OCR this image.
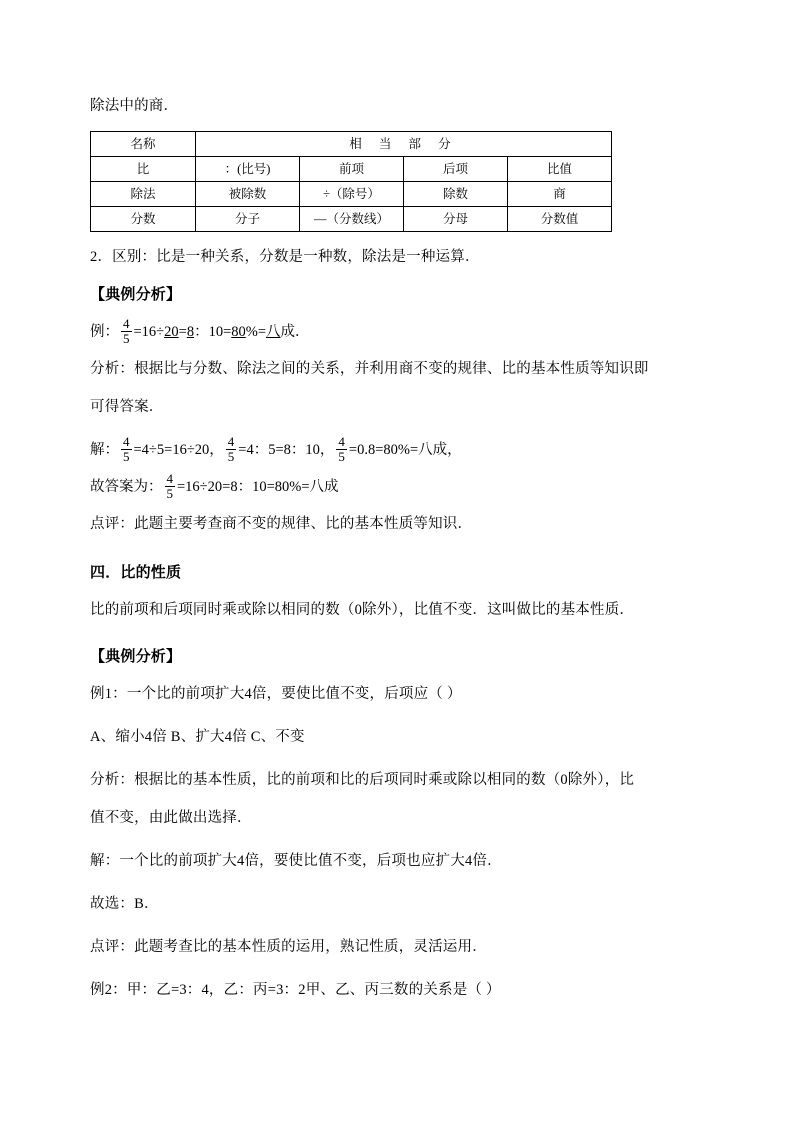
除法中的商．

名称	相 当 部 分			
比	：(比号)	前项	后项	比值
除法	被除数	÷（除号）	除数	商
分数	分子	—（分数线）	分母	分数值

2．区别：比是一种关系，分数是一种数，除法是一种运算．

【典例分析】

例： $\frac{4}{5} =16\div 20=8$：10=80%=八成．

分析：根据比与分数、除法之间的关系，并利用商不变的规律、比的基本性质等知识即

可得答案．

解： $\frac{4}{5} =4\div 5=16\div 20$， $\frac{4}{5} =4$：5=8：10， $\frac{4}{5} =0.8=80\%=$八成，

故答案为： $\frac{4}{5} =16\div 20=8$：10=80%=八成

点评：此题主要考查商不变的规律、比的基本性质等知识．

四．比的性质

比的前项和后项同时乘或除以相同的数（0除外），比值不变．这叫做比的基本性质．

【典例分析】

例1：一个比的前项扩大4倍，要使比值不变，后项应（ ）

A、缩小4倍 B、扩大4倍 C、不变

分析：根据比的基本性质，比的前项和比的后项同时乘或除以相同的数（0除外），比

值不变，由此做出选择．

解：一个比的前项扩大4倍，要使比值不变，后项也应扩大4倍．

故选：B．

点评：此题考查比的基本性质的运用，熟记性质，灵活运用．

例2：甲：乙=3：4，乙：丙=3：2甲、乙、丙三数的关系是（ ）
